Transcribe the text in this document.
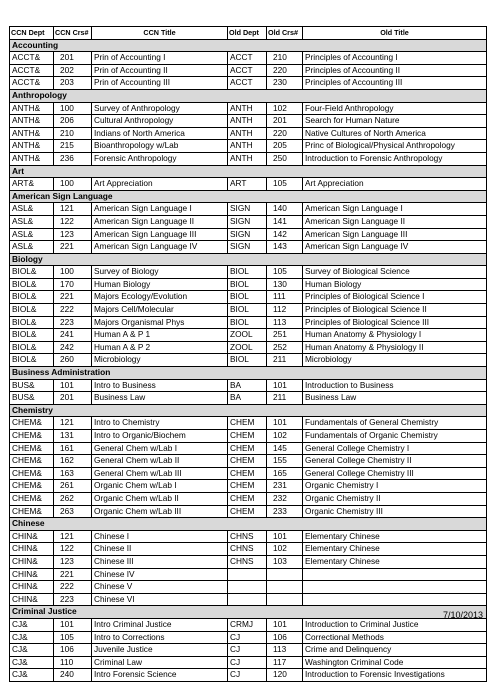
CCN Dept	CCN Crs#	CCN Title	Old Dept	Old Crs#	Old Title
Accounting					
ACCT&	201	Prin of Accounting I	ACCT	210	Principles of Accounting I
ACCT&	202	Prin of Accounting II	ACCT	220	Principles of Accounting II
ACCT&	203	Prin of Accounting III	ACCT	230	Principles of Accounting III
Anthropology					
ANTH&	100	Survey of Anthropology	ANTH	102	Four-Field Anthropology
ANTH&	206	Cultural Anthropology	ANTH	201	Search for Human Nature
ANTH&	210	Indians of North America	ANTH	220	Native Cultures of North America
ANTH&	215	Bioanthropology w/Lab	ANTH	205	Princ of Biological/Physical Anthropology
ANTH&	236	Forensic Anthropology	ANTH	250	Introduction to Forensic Anthropology
Art					
ART&	100	Art Appreciation	ART	105	Art Appreciation
American Sign Language					
ASL&	121	American Sign Language I	SIGN	140	American Sign Language I
ASL&	122	American Sign Language II	SIGN	141	American Sign Language II
ASL&	123	American Sign Language III	SIGN	142	American Sign Language III
ASL&	221	American Sign Language IV	SIGN	143	American Sign Language IV
Biology					
BIOL&	100	Survey of Biology	BIOL	105	Survey of Biological Science
BIOL&	170	Human Biology	BIOL	130	Human Biology
BIOL&	221	Majors Ecology/Evolution	BIOL	111	Principles of Biological Science I
BIOL&	222	Majors Cell/Molecular	BIOL	112	Principles of Biological Science II
BIOL&	223	Majors Organismal Phys	BIOL	113	Principles of Biological Science III
BIOL&	241	Human A & P 1	ZOOL	251	Human Anatomy & Physiology I
BIOL&	242	Human A & P 2	ZOOL	252	Human Anatomy & Physiology II
BIOL&	260	Microbiology	BIOL	211	Microbiology
Business Administration					
BUS&	101	Intro to Business	BA	101	Introduction to Business
BUS&	201	Business Law	BA	211	Business Law
Chemistry					
CHEM&	121	Intro to Chemistry	CHEM	101	Fundamentals of General Chemistry
CHEM&	131	Intro to Organic/Biochem	CHEM	102	Fundamentals of Organic Chemistry
CHEM&	161	General Chem w/Lab I	CHEM	145	General College Chemistry I
CHEM&	162	General Chem w/Lab II	CHEM	155	General College Chemistry II
CHEM&	163	General Chem w/Lab III	CHEM	165	General College Chemistry III
CHEM&	261	Organic Chem w/Lab I	CHEM	231	Organic Chemistry I
CHEM&	262	Organic Chem w/Lab II	CHEM	232	Organic Chemistry II
CHEM&	263	Organic Chem w/Lab III	CHEM	233	Organic Chemistry III
Chinese					
CHIN&	121	Chinese I	CHNS	101	Elementary Chinese
CHIN&	122	Chinese II	CHNS	102	Elementary Chinese
CHIN&	123	Chinese III	CHNS	103	Elementary Chinese
CHIN&	221	Chinese IV			
CHIN&	222	Chinese V			
CHIN&	223	Chinese VI			
Criminal Justice					
CJ&	101	Intro Criminal Justice	CRMJ	101	Introduction to Criminal Justice
CJ&	105	Intro to Corrections	CJ	106	Correctional Methods
CJ&	106	Juvenile Justice	CJ	113	Crime and Delinquency
CJ&	110	Criminal Law	CJ	117	Washington Criminal Code
CJ&	240	Intro Forensic Science	CJ	120	Introduction to Forensic Investigations
7/10/2013
